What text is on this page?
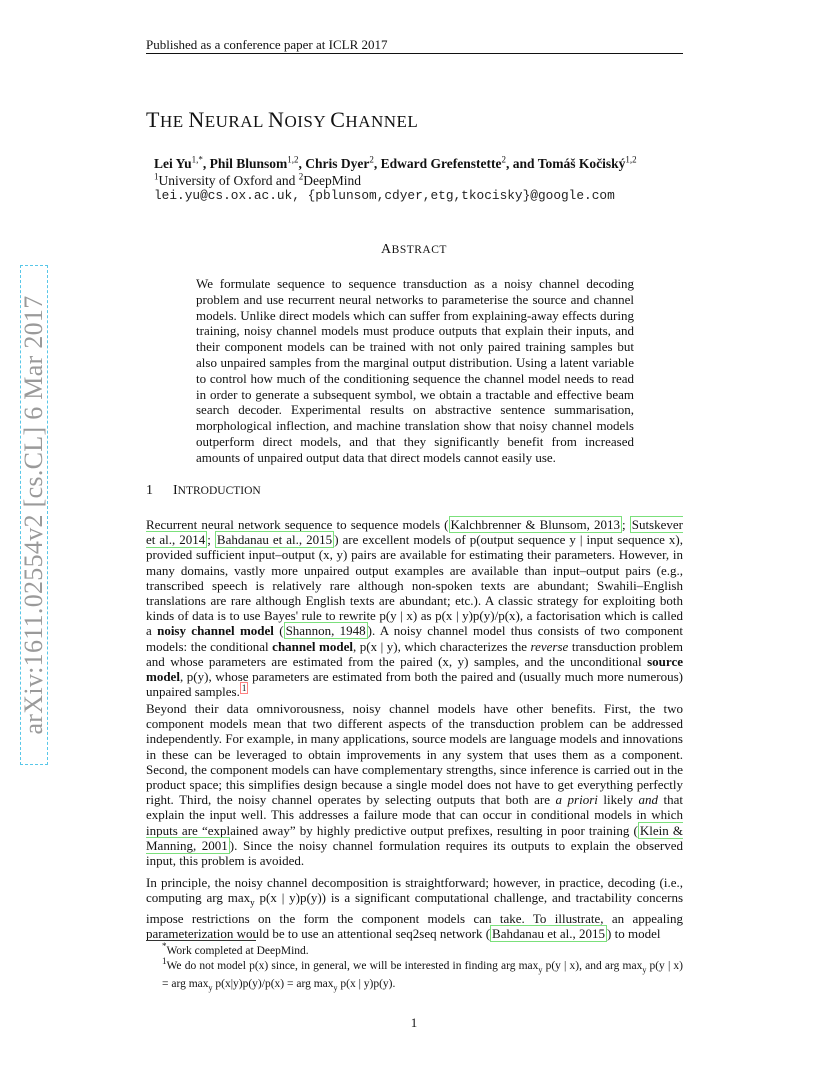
Published as a conference paper at ICLR 2017
arXiv:1611.02554v2 [cs.CL] 6 Mar 2017
THE NEURAL NOISY CHANNEL
Lei $Yu^{1,*}$, Phil Blunsom$^{1,2}$, Chris Dyer$^2$, Edward Grefenstette$^2$, and Tomáš Kočiský$^{1,2}$
$^1$University of Oxford and $^2$DeepMind
lei.yu@cs.ox.ac.uk, {pblunsom,cdyer,etg,tkocisky}@google.com
ABSTRACT
We formulate sequence to sequence transduction as a noisy channel decoding problem and use recurrent neural networks to parameterise the source and channel models. Unlike direct models which can suffer from explaining-away effects during training, noisy channel models must produce outputs that explain their inputs, and their component models can be trained with not only paired training samples but also unpaired samples from the marginal output distribution. Using a latent variable to control how much of the conditioning sequence the channel model needs to read in order to generate a subsequent symbol, we obtain a tractable and effective beam search decoder. Experimental results on abstractive sentence summarisation, morphological inflection, and machine translation show that noisy channel models outperform direct models, and that they significantly benefit from increased amounts of unpaired output data that direct models cannot easily use.
1 INTRODUCTION
Recurrent neural network sequence to sequence models ( Kalchbrenner & Blunsom, 2013 ; Sutskever et al., 2014 ; Bahdanau et al., 2015 ) are excellent models of p(output sequence y | input sequence x), provided sufficient input–output (x, y) pairs are available for estimating their parameters. However, in many domains, vastly more unpaired output examples are available than input–output pairs (e.g., transcribed speech is relatively rare although non-spoken texts are abundant; Swahili–English translations are rare although English texts are abundant; etc.). A classic strategy for exploiting both kinds of data is to use Bayes' rule to rewrite p(y | x) as p(x | y)p(y)/p(x), a factorisation which is called a noisy channel model ( Shannon, 1948 ). A noisy channel model thus consists of two component models: the conditional channel model, p(x | y), which characterizes the reverse transduction problem and whose parameters are estimated from the paired (x, y) samples, and the unconditional source model, p(y), whose parameters are estimated from both the paired and (usually much more numerous) unpaired samples. $^1$
Beyond their data omnivorousness, noisy channel models have other benefits. First, the two component models mean that two different aspects of the transduction problem can be addressed independently. For example, in many applications, source models are language models and innovations in these can be leveraged to obtain improvements in any system that uses them as a component. Second, the component models can have complementary strengths, since inference is carried out in the product space; this simplifies design because a single model does not have to get everything perfectly right. Third, the noisy channel operates by selecting outputs that both are a priori likely and that explain the input well. This addresses a failure mode that can occur in conditional models in which inputs are “explained away” by highly predictive output prefixes, resulting in poor training ( Klein & Manning, 2001 ). Since the noisy channel formulation requires its outputs to explain the observed input, this problem is avoided.
In principle, the noisy channel decomposition is straightforward; however, in practice, decoding (i.e., computing arg $\max_y p(x$ | y)p(y)) is a significant computational challenge, and tractability concerns impose restrictions on the form the component models can take. To illustrate, an appealing parameterization would be to use an attentional seq2seq network ( Bahdanau et al., 2015 ) to model
*Work completed at DeepMind.
$^1$We do not model p(x) since, in general, we will be interested in finding arg $\max_y p(y$ | x), and arg $\max_y p(y$ | x) = arg $\max_y p(x|y)p(y)/p(x)$ = arg $\max_y p(x$ | y)p(y).
1
